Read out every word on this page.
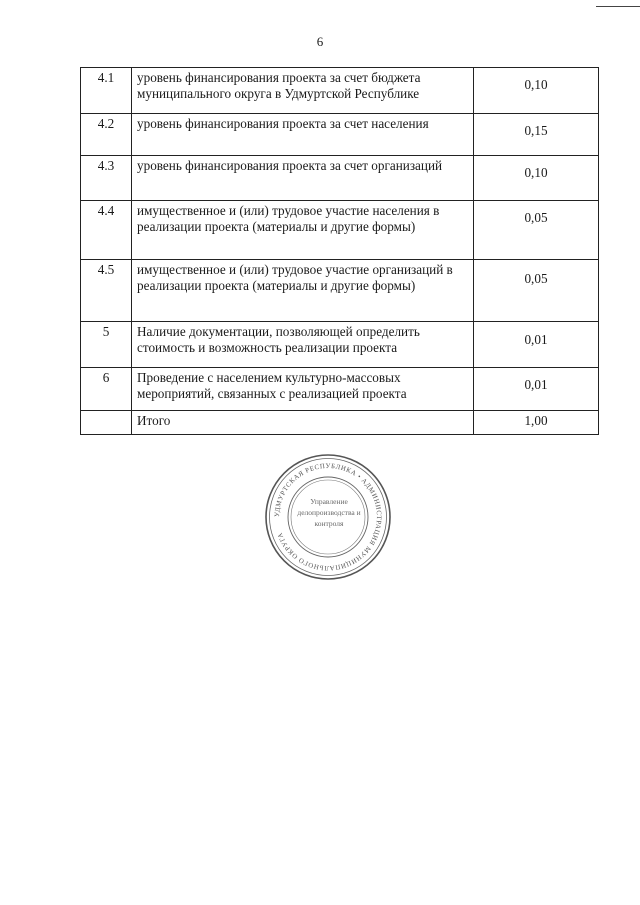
6
4.1	уровень финансирования проекта за счет бюджета муниципального округа в Удмуртской Республике	0,10
4.2	уровень финансирования проекта за счет населения	0,15
4.3	уровень финансирования проекта за счет организаций	0,10
4.4	имущественное и (или) трудовое участие населения в реализации проекта (материалы и другие формы)	0,05
4.5	имущественное и (или) трудовое участие организаций в реализации проекта (материалы и другие формы)	0,05
5	Наличие документации, позволяющей определить стоимость и возможность реализации проекта	0,01
6	Проведение с населением культурно-массовых мероприятий, связанных с реализацией проекта	0,01
	Итого	1,00
УДМУРТСКАЯ РЕСПУБЛИКА • АДМИНИСТРАЦИЯ МУНИЦИПАЛЬНОГО ОКРУГА
Управление делопроизводства и контроля
